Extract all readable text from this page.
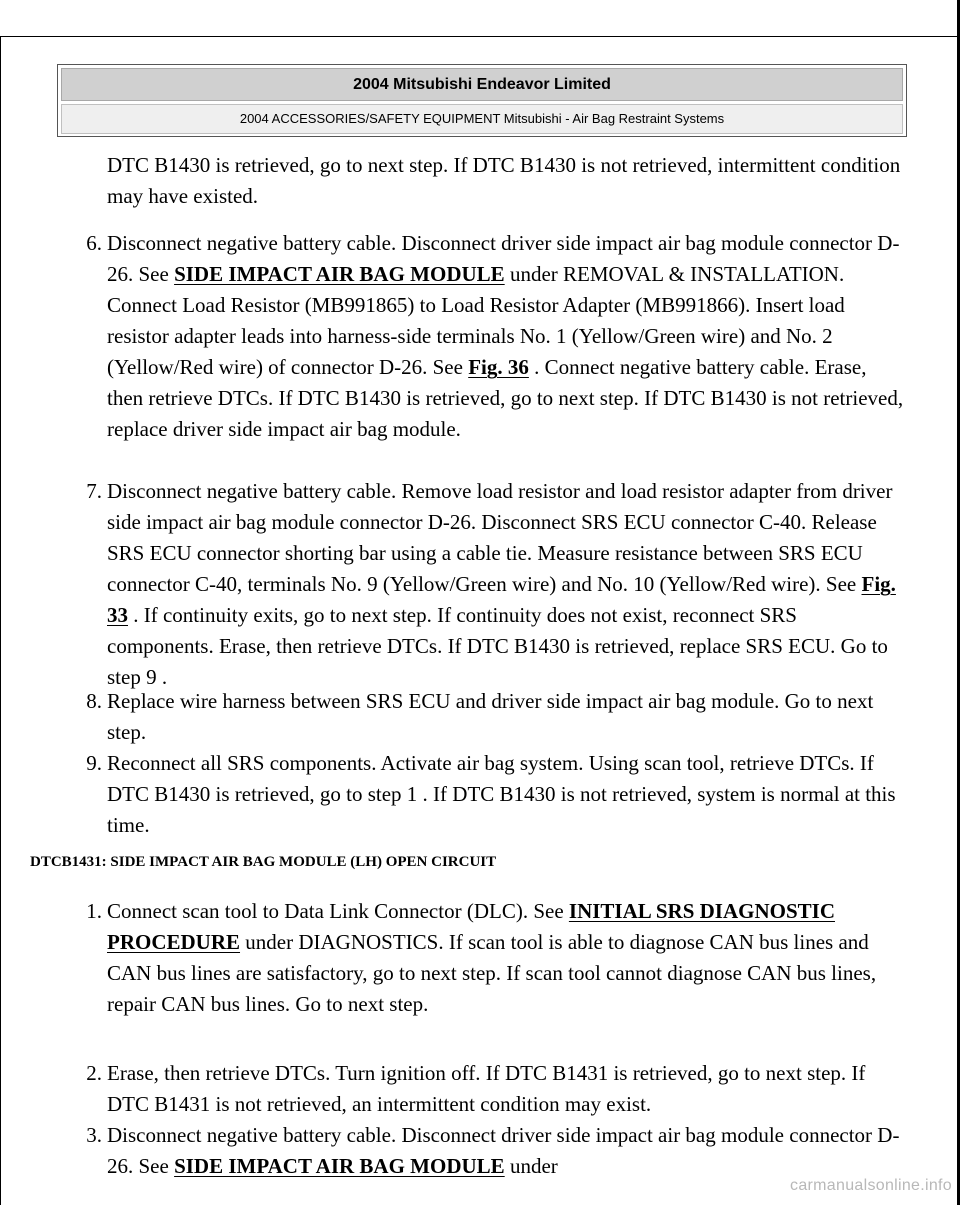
2004 Mitsubishi Endeavor Limited
2004 ACCESSORIES/SAFETY EQUIPMENT Mitsubishi - Air Bag Restraint Systems

DTC B1430 is retrieved, go to next step. If DTC B1430 is not retrieved, intermittent condition may have existed.

6. Disconnect negative battery cable. Disconnect driver side impact air bag module connector D-26. See SIDE IMPACT AIR BAG MODULE under REMOVAL & INSTALLATION. Connect Load Resistor (MB991865) to Load Resistor Adapter (MB991866). Insert load resistor adapter leads into harness-side terminals No. 1 (Yellow/Green wire) and No. 2 (Yellow/Red wire) of connector D-26. See Fig. 36 . Connect negative battery cable. Erase, then retrieve DTCs. If DTC B1430 is retrieved, go to next step. If DTC B1430 is not retrieved, replace driver side impact air bag module.
7. Disconnect negative battery cable. Remove load resistor and load resistor adapter from driver side impact air bag module connector D-26. Disconnect SRS ECU connector C-40. Release SRS ECU connector shorting bar using a cable tie. Measure resistance between SRS ECU connector C-40, terminals No. 9 (Yellow/Green wire) and No. 10 (Yellow/Red wire). See Fig. 33 . If continuity exits, go to next step. If continuity does not exist, reconnect SRS components. Erase, then retrieve DTCs. If DTC B1430 is retrieved, replace SRS ECU. Go to step 9 .
8. Replace wire harness between SRS ECU and driver side impact air bag module. Go to next step.
9. Reconnect all SRS components. Activate air bag system. Using scan tool, retrieve DTCs. If DTC B1430 is retrieved, go to step 1 . If DTC B1430 is not retrieved, system is normal at this time.
DTCB1431: SIDE IMPACT AIR BAG MODULE (LH) OPEN CIRCUIT
1. Connect scan tool to Data Link Connector (DLC). See INITIAL SRS DIAGNOSTIC PROCEDURE under DIAGNOSTICS. If scan tool is able to diagnose CAN bus lines and CAN bus lines are satisfactory, go to next step. If scan tool cannot diagnose CAN bus lines, repair CAN bus lines. Go to next step.
2. Erase, then retrieve DTCs. Turn ignition off. If DTC B1431 is retrieved, go to next step. If DTC B1431 is not retrieved, an intermittent condition may exist.
3. Disconnect negative battery cable. Disconnect driver side impact air bag module connector D-26. See SIDE IMPACT AIR BAG MODULE under
carmanualsonline.info
